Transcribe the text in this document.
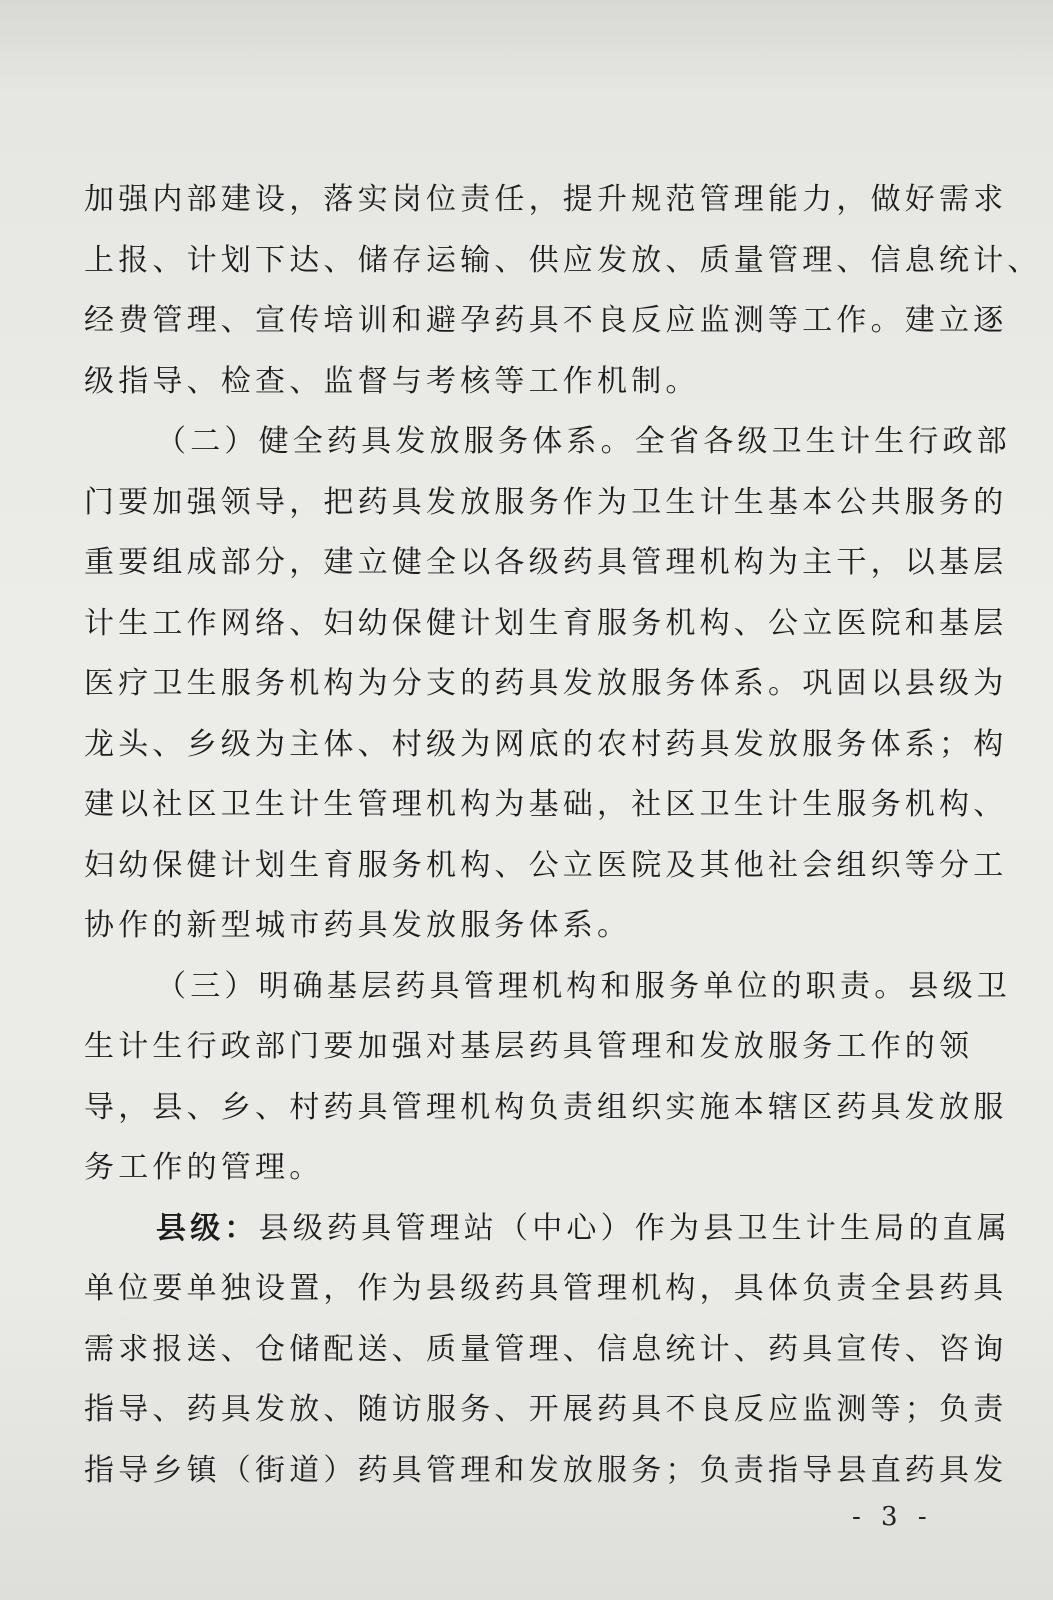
加强内部建设，落实岗位责任，提升规范管理能力，做好需求
上报、计划下达、储存运输、供应发放、质量管理、信息统计、
经费管理、宣传培训和避孕药具不良反应监测等工作。建立逐
级指导、检查、监督与考核等工作机制。
（二）健全药具发放服务体系。全省各级卫生计生行政部
门要加强领导，把药具发放服务作为卫生计生基本公共服务的
重要组成部分，建立健全以各级药具管理机构为主干，以基层
计生工作网络、妇幼保健计划生育服务机构、公立医院和基层
医疗卫生服务机构为分支的药具发放服务体系。巩固以县级为
龙头、乡级为主体、村级为网底的农村药具发放服务体系；构
建以社区卫生计生管理机构为基础，社区卫生计生服务机构、
妇幼保健计划生育服务机构、公立医院及其他社会组织等分工
协作的新型城市药具发放服务体系。
（三）明确基层药具管理机构和服务单位的职责。县级卫
生计生行政部门要加强对基层药具管理和发放服务工作的领
导，县、乡、村药具管理机构负责组织实施本辖区药具发放服
务工作的管理。
县级：县级药具管理站（中心）作为县卫生计生局的直属
单位要单独设置，作为县级药具管理机构，具体负责全县药具
需求报送、仓储配送、质量管理、信息统计、药具宣传、咨询
指导、药具发放、随访服务、开展药具不良反应监测等；负责
指导乡镇（街道）药具管理和发放服务；负责指导县直药具发
- 3 -
